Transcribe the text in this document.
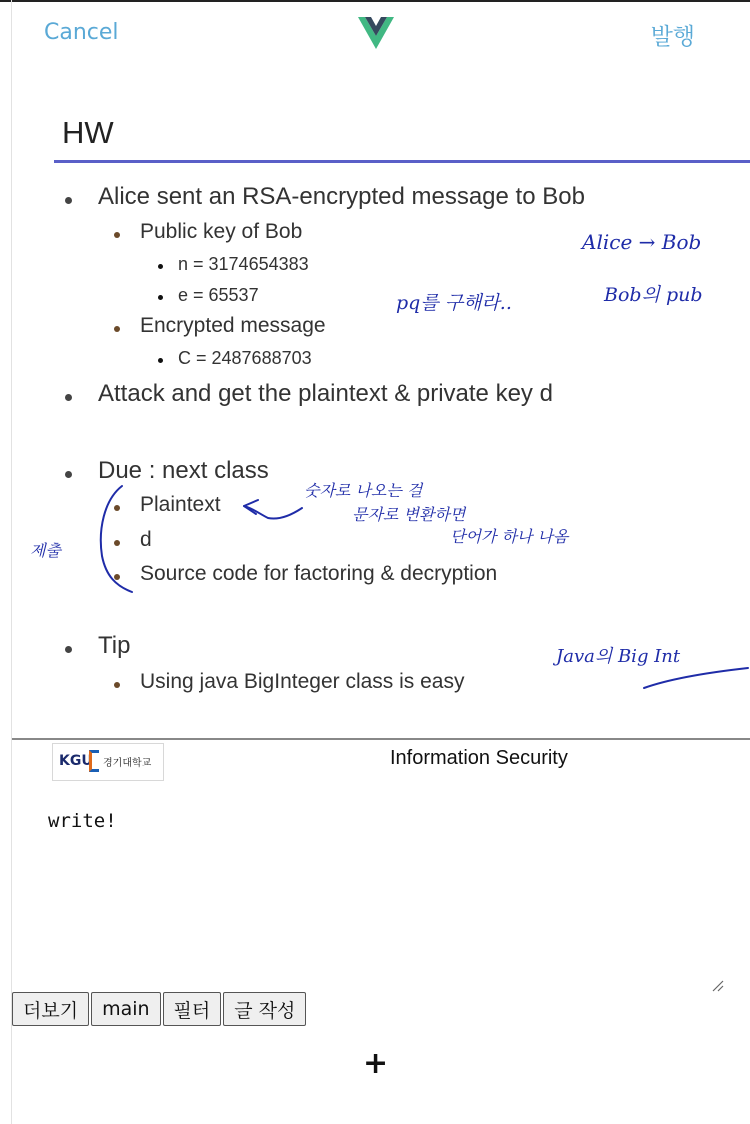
Cancel	발행
HW
Alice sent an RSA-encrypted message to Bob
Public key of Bob
n = 3174654383
e = 65537
Encrypted message
C = 2487688703
Attack and get the plaintext & private key d
Due : next class
Plaintext
d
Source code for factoring & decryption
Tip
Using java BigInteger class is easy
Alice → Bob
Bob의 pub
pq를 구해라..
숫자로 나오는 걸
문자로 변환하면
단어가 하나 나옴
제출
Java의 Big Int
KGU 경기대학교	Information Security
write!
더보기	main	필터	글 작성
+
